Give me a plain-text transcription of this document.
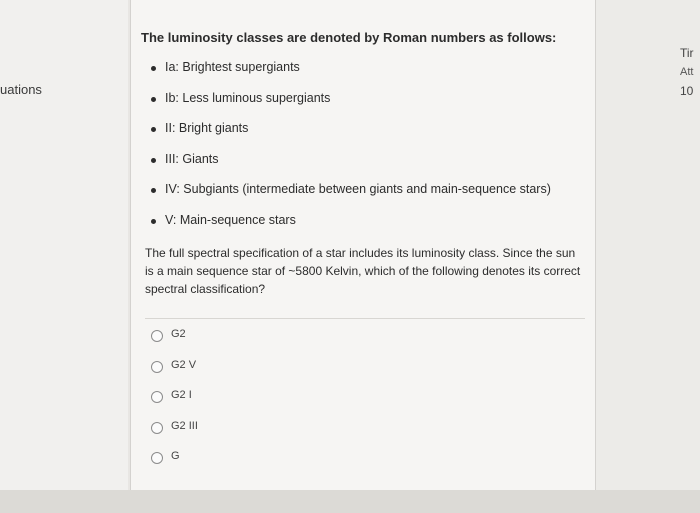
uations
The luminosity classes are denoted by Roman numbers as follows:
Ia: Brightest supergiants
Ib: Less luminous supergiants
II: Bright giants
III: Giants
IV: Subgiants (intermediate between giants and main-sequence stars)
V: Main-sequence stars
The full spectral specification of a star includes its luminosity class. Since the sun is a main sequence star of ~5800 Kelvin, which of the following denotes its correct spectral classification?
G2
G2 V
G2 I
G2 III
G
Tir
Att
10
